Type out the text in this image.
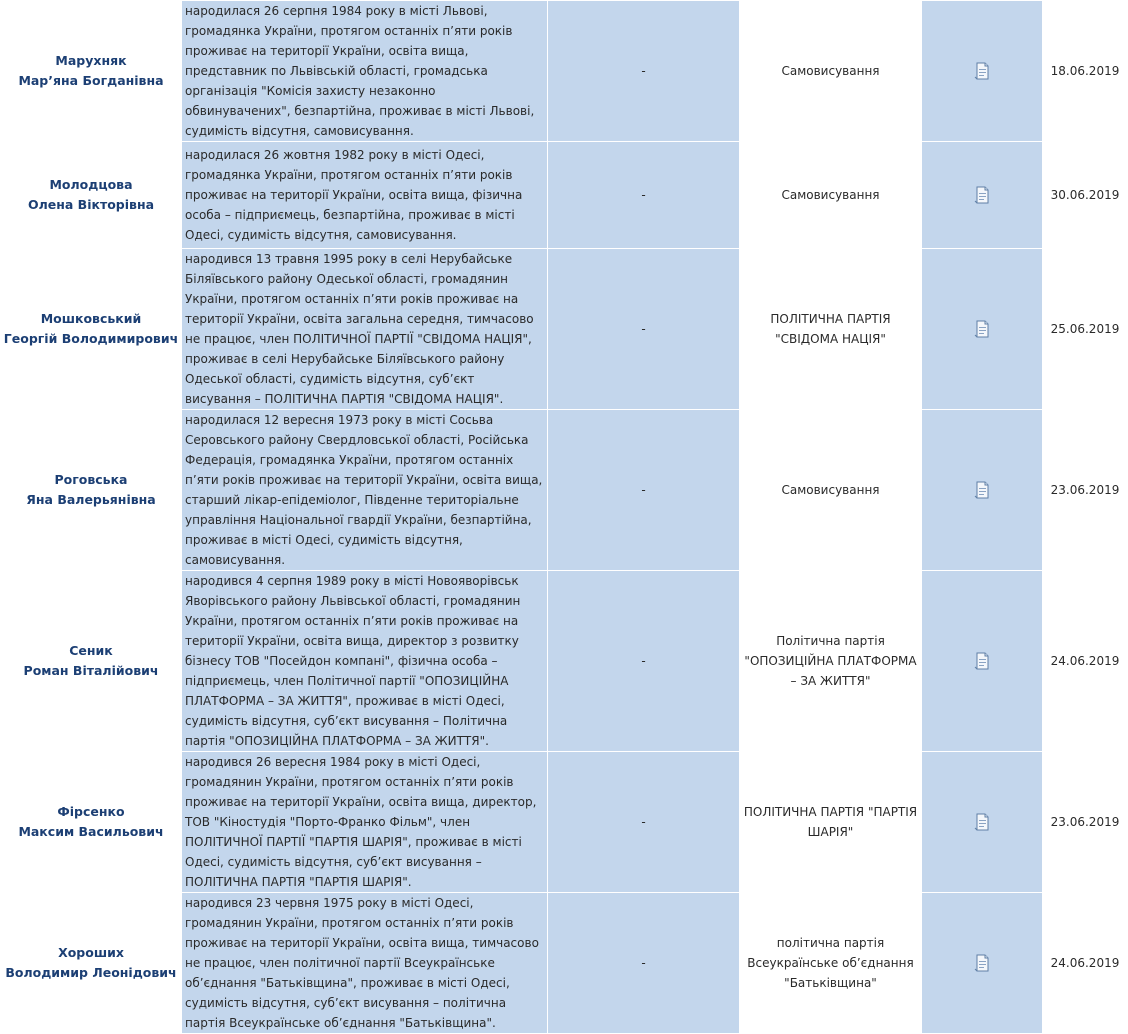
Марухняк
Мар’яна Богданівна	народилася 26 серпня 1984 року в місті Львові, громадянка України, протягом останніх п’яти років проживає на території України, освіта вища, представник по Львівській області, громадська організація "Комісія захисту незаконно обвинувачених", безпартійна, проживає в місті Львові, судимість відсутня, самовисування.	-	Самовисування		18.06.2019

Молодцова
Олена Вікторівна	народилася 26 жовтня 1982 року в місті Одесі, громадянка України, протягом останніх п’яти років проживає на території України, освіта вища, фізична особа – підприємець, безпартійна, проживає в місті Одесі, судимість відсутня, самовисування.	-	Самовисування		30.06.2019

Мошковський
Георгій Володимирович	народився 13 травня 1995 року в селі Нерубайське Біляївського району Одеської області, громадянин України, протягом останніх п’яти років проживає на території України, освіта загальна середня, тимчасово не працює, член ПОЛІТИЧНОЇ ПАРТІЇ "СВІДОМА НАЦІЯ", проживає в селі Нерубайське Біляївського району Одеської області, судимість відсутня, суб’єкт висування – ПОЛІТИЧНА ПАРТІЯ "СВІДОМА НАЦІЯ".	-	ПОЛІТИЧНА ПАРТІЯ "СВІДОМА НАЦІЯ"		25.06.2019

Роговська
Яна Валерьянівна	народилася 12 вересня 1973 року в місті Сосьва Серовського району Свердловської області, Російська Федерація, громадянка України, протягом останніх п’яти років проживає на території України, освіта вища, старший лікар-епідеміолог, Південне територіальне управління Національної гвардії України, безпартійна, проживає в місті Одесі, судимість відсутня, самовисування.	-	Самовисування		23.06.2019

Сеник
Роман Віталійович	народився 4 серпня 1989 року в місті Новояворівськ Яворівського району Львівської області, громадянин України, протягом останніх п’яти років проживає на території України, освіта вища, директор з розвитку бізнесу ТОВ "Посейдон компані", фізична особа – підприємець, член Політичної партії "ОПОЗИЦІЙНА ПЛАТФОРМА – ЗА ЖИТТЯ", проживає в місті Одесі, судимість відсутня, суб’єкт висування – Політична партія "ОПОЗИЦІЙНА ПЛАТФОРМА – ЗА ЖИТТЯ".	-	Політична партія "ОПОЗИЦІЙНА ПЛАТФОРМА – ЗА ЖИТТЯ"		24.06.2019

Фірсенко
Максим Васильович	народився 26 вересня 1984 року в місті Одесі, громадянин України, протягом останніх п’яти років проживає на території України, освіта вища, директор, ТОВ "Кіностудія "Порто-Франко Фільм", член ПОЛІТИЧНОЇ ПАРТІЇ "ПАРТІЯ ШАРІЯ", проживає в місті Одесі, судимість відсутня, суб’єкт висування – ПОЛІТИЧНА ПАРТІЯ "ПАРТІЯ ШАРІЯ".	-	ПОЛІТИЧНА ПАРТІЯ "ПАРТІЯ ШАРІЯ"		23.06.2019

Хороших
Володимир Леонідович	народився 23 червня 1975 року в місті Одесі, громадянин України, протягом останніх п’яти років проживає на території України, освіта вища, тимчасово не працює, член політичної партії Всеукраїнське об’єднання "Батьківщина", проживає в місті Одесі, судимість відсутня, суб’єкт висування – політична партія Всеукраїнське об’єднання "Батьківщина".	-	політична партія Всеукраїнське об’єднання "Батьківщина"		24.06.2019
